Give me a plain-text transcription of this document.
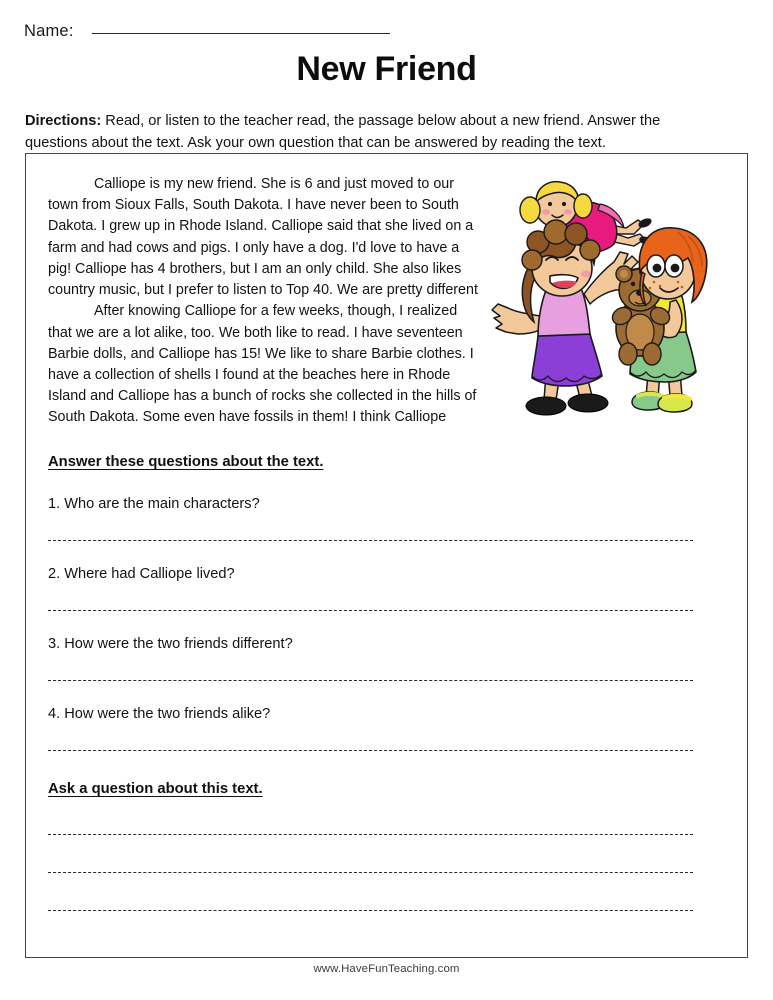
Name:
New Friend
Directions: Read, or listen to the teacher read, the passage below about a new friend. Answer the questions about the text. Ask your own question that can be answered by reading the text.

Calliope is my new friend. She is 6 and just moved to our town from Sioux Falls, South Dakota. I have never been to South Dakota. I grew up in Rhode Island. Calliope said that she lived on a farm and had cows and pigs. I only have a dog. I'd love to have a pig! Calliope has 4 brothers, but I am an only child. She also likes country music, but I prefer to listen to Top 40. We are pretty different

After knowing Calliope for a few weeks, though, I realized that we are a lot alike, too. We both like to read. I have seventeen Barbie dolls, and Calliope has 15! We like to share Barbie clothes. I have a collection of shells I found at the beaches here in Rhode Island and Calliope has a bunch of rocks she collected in the hills of South Dakota. Some even have fossils in them! I think Calliope

Answer these questions about the text.

1. Who are the main characters?

2. Where had Calliope lived?

3. How were the two friends different?

4. How were the two friends alike?

Ask a question about this text.
www.HaveFunTeaching.com
